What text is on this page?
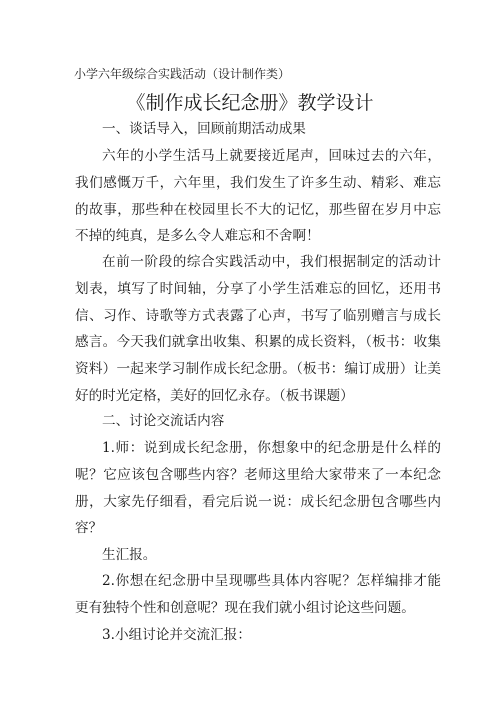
小学六年级综合实践活动（设计制作类）
《制作成长纪念册》教学设计
一、谈话导入，回顾前期活动成果
六年的小学生活马上就要接近尾声，回味过去的六年，我们感慨万千，六年里，我们发生了许多生动、精彩、难忘的故事，那些种在校园里长不大的记忆，那些留在岁月中忘不掉的纯真，是多么令人难忘和不舍啊！
在前一阶段的综合实践活动中，我们根据制定的活动计划表，填写了时间轴，分享了小学生活难忘的回忆，还用书信、习作、诗歌等方式表露了心声，书写了临别赠言与成长感言。今天我们就拿出收集、积累的成长资料，（板书：收集资料）一起来学习制作成长纪念册。（板书：编订成册）让美好的时光定格，美好的回忆永存。（板书课题）
二、讨论交流话内容
1.师：说到成长纪念册，你想象中的纪念册是什么样的呢？它应该包含哪些内容？老师这里给大家带来了一本纪念册，大家先仔细看，看完后说一说：成长纪念册包含哪些内容？
生汇报。
2.你想在纪念册中呈现哪些具体内容呢？怎样编排才能更有独特个性和创意呢？现在我们就小组讨论这些问题。
3.小组讨论并交流汇报：
